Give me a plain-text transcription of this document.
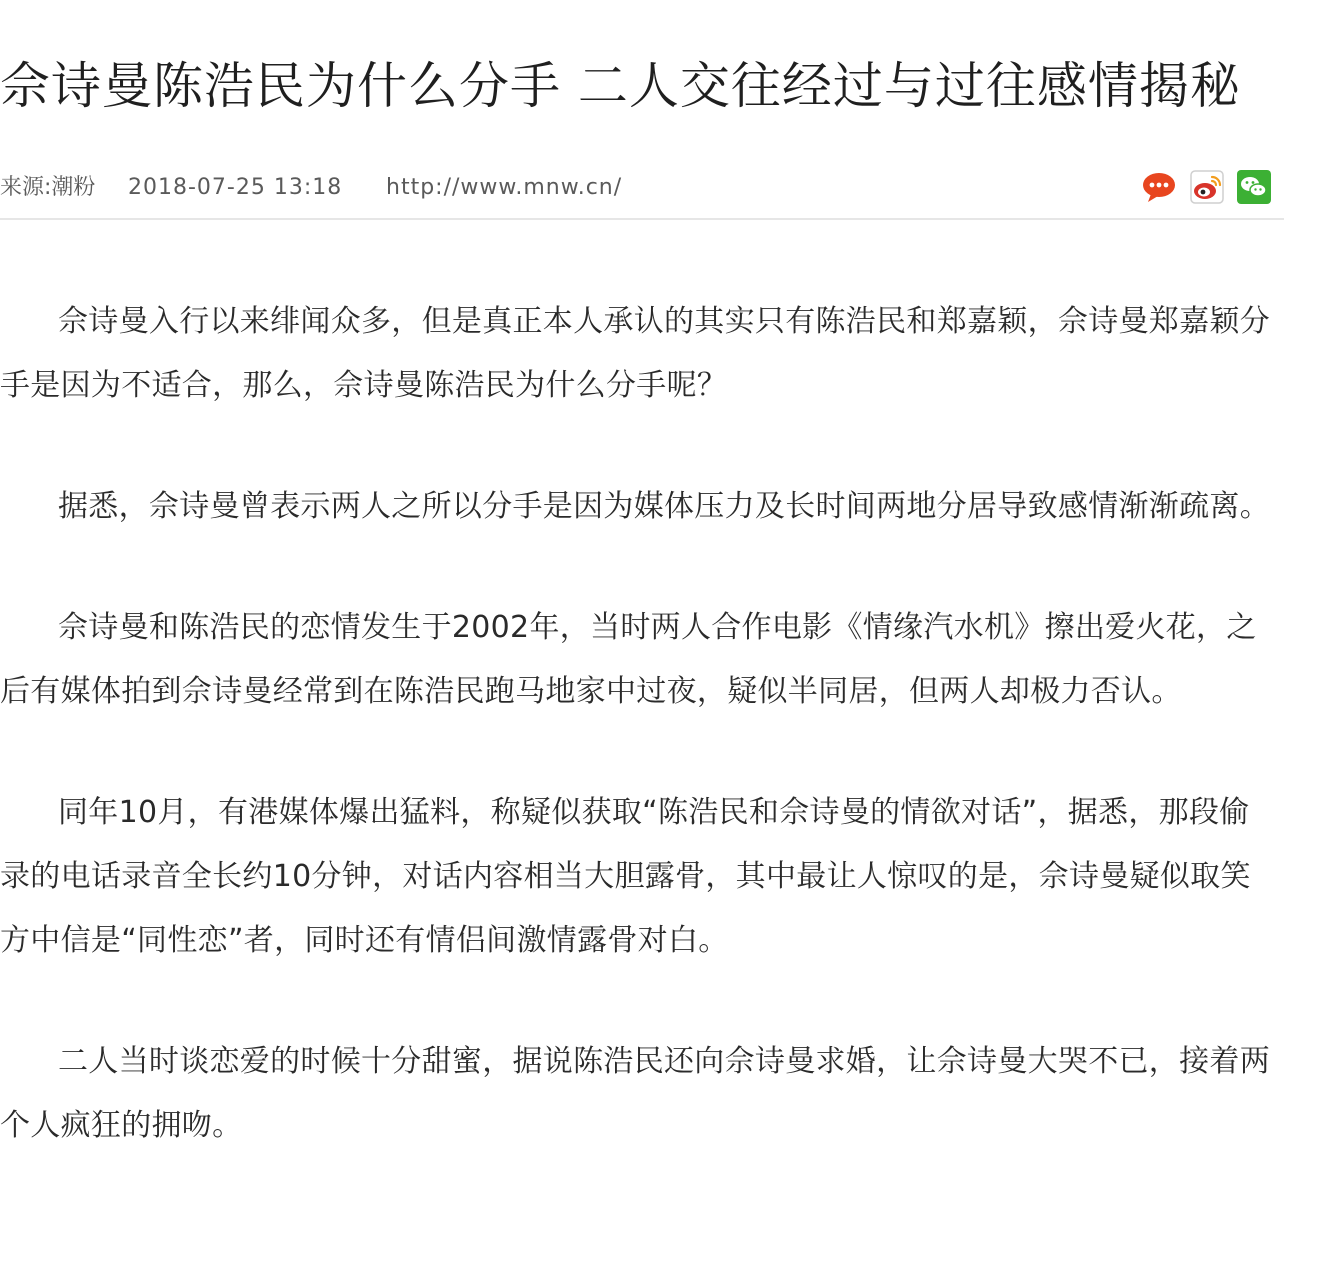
佘诗曼陈浩民为什么分手 二人交往经过与过往感情揭秘
来源:潮粉 2018-07-25 13:18 http://www.mnw.cn/

佘诗曼入行以来绯闻众多，但是真正本人承认的其实只有陈浩民和郑嘉颖，佘诗曼郑嘉颖分手是因为不适合，那么，佘诗曼陈浩民为什么分手呢？

据悉，佘诗曼曾表示两人之所以分手是因为媒体压力及长时间两地分居导致感情渐渐疏离。

佘诗曼和陈浩民的恋情发生于2002年，当时两人合作电影《情缘汽水机》擦出爱火花，之后有媒体拍到佘诗曼经常到在陈浩民跑马地家中过夜，疑似半同居，但两人却极力否认。

同年10月，有港媒体爆出猛料，称疑似获取“陈浩民和佘诗曼的情欲对话”，据悉，那段偷录的电话录音全长约10分钟，对话内容相当大胆露骨，其中最让人惊叹的是，佘诗曼疑似取笑方中信是“同性恋”者，同时还有情侣间激情露骨对白。

二人当时谈恋爱的时候十分甜蜜，据说陈浩民还向佘诗曼求婚，让佘诗曼大哭不已，接着两个人疯狂的拥吻。
